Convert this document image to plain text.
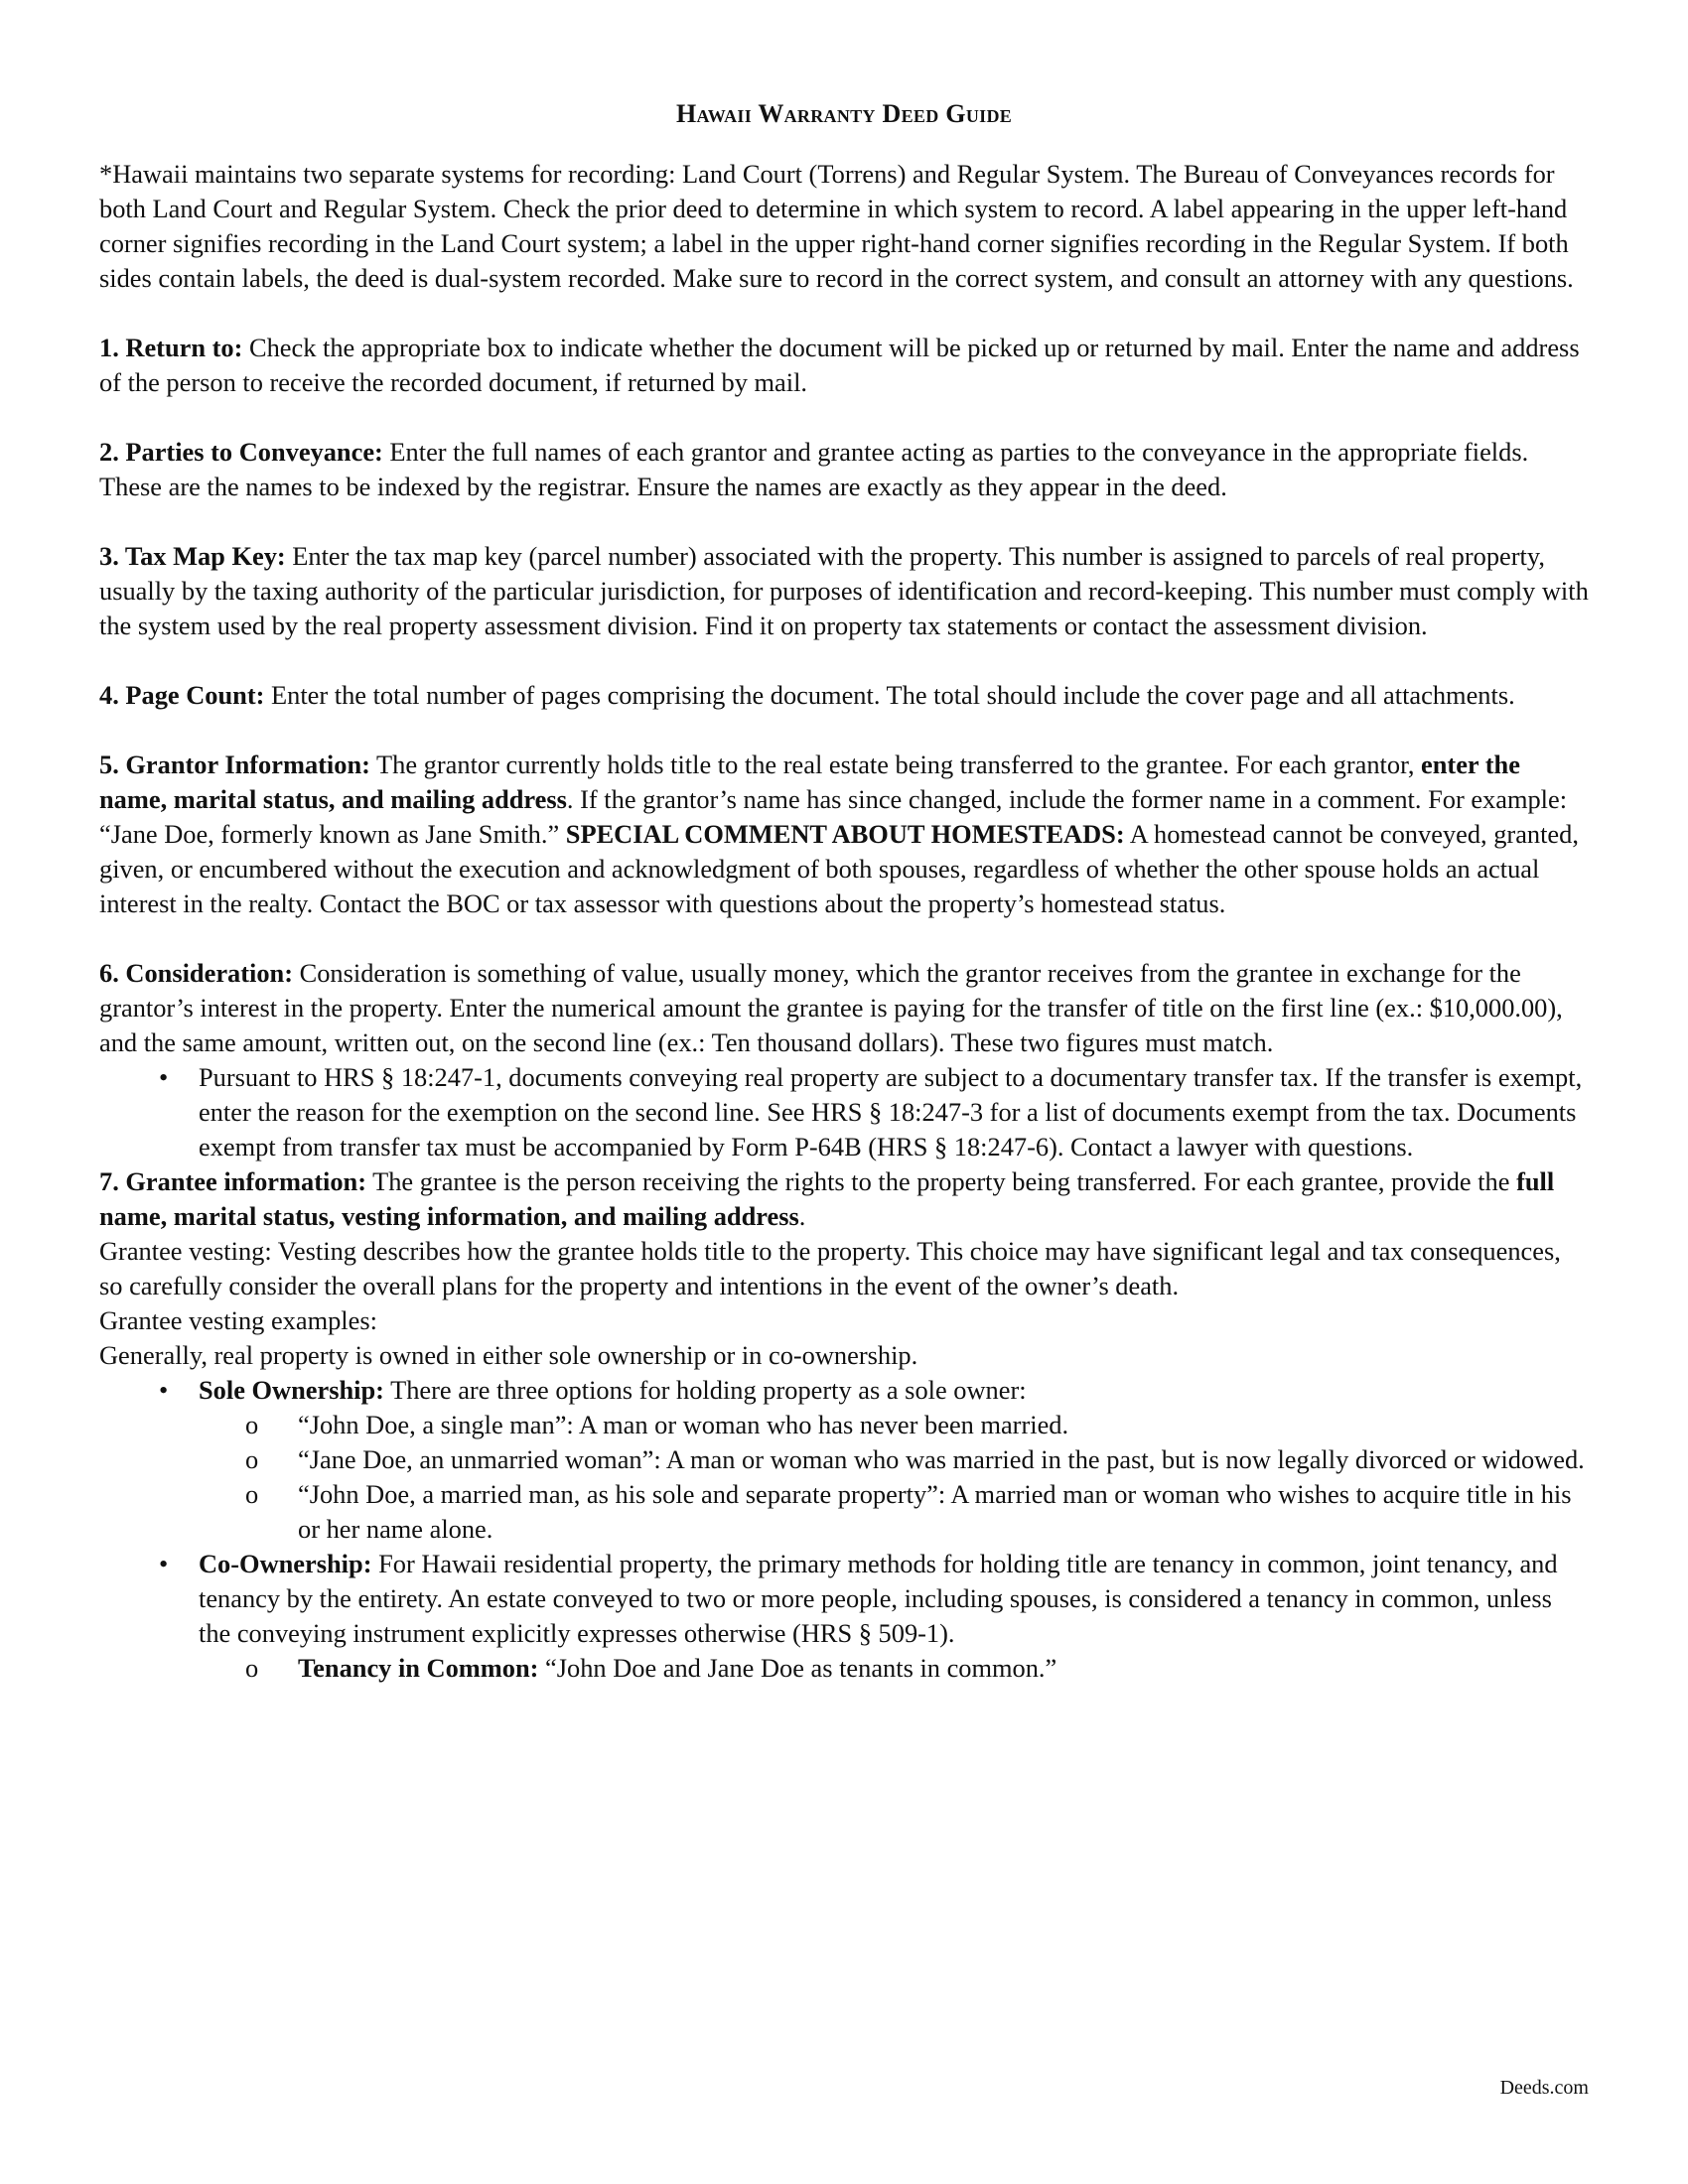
Hawaii Warranty Deed Guide

*Hawaii maintains two separate systems for recording: Land Court (Torrens) and Regular System. The Bureau of Conveyances records for both Land Court and Regular System. Check the prior deed to determine in which system to record. A label appearing in the upper left-hand corner signifies recording in the Land Court system; a label in the upper right-hand corner signifies recording in the Regular System. If both sides contain labels, the deed is dual-system recorded. Make sure to record in the correct system, and consult an attorney with any questions.

1. Return to: Check the appropriate box to indicate whether the document will be picked up or returned by mail. Enter the name and address of the person to receive the recorded document, if returned by mail.

2. Parties to Conveyance: Enter the full names of each grantor and grantee acting as parties to the conveyance in the appropriate fields. These are the names to be indexed by the registrar. Ensure the names are exactly as they appear in the deed.

3. Tax Map Key: Enter the tax map key (parcel number) associated with the property. This number is assigned to parcels of real property, usually by the taxing authority of the particular jurisdiction, for purposes of identification and record-keeping. This number must comply with the system used by the real property assessment division. Find it on property tax statements or contact the assessment division.

4. Page Count: Enter the total number of pages comprising the document. The total should include the cover page and all attachments.

5. Grantor Information: The grantor currently holds title to the real estate being transferred to the grantee. For each grantor, enter the name, marital status, and mailing address. If the grantor’s name has since changed, include the former name in a comment. For example: “Jane Doe, formerly known as Jane Smith.” SPECIAL COMMENT ABOUT HOMESTEADS: A homestead cannot be conveyed, granted, given, or encumbered without the execution and acknowledgment of both spouses, regardless of whether the other spouse holds an actual interest in the realty. Contact the BOC or tax assessor with questions about the property’s homestead status.

6. Consideration: Consideration is something of value, usually money, which the grantor receives from the grantee in exchange for the grantor’s interest in the property. Enter the numerical amount the grantee is paying for the transfer of title on the first line (ex.: $10,000.00), and the same amount, written out, on the second line (ex.: Ten thousand dollars). These two figures must match.

•	Pursuant to HRS § 18:247-1, documents conveying real property are subject to a documentary transfer tax. If the transfer is exempt, enter the reason for the exemption on the second line. See HRS § 18:247-3 for a list of documents exempt from the tax. Documents exempt from transfer tax must be accompanied by Form P-64B (HRS § 18:247-6). Contact a lawyer with questions.

7. Grantee information: The grantee is the person receiving the rights to the property being transferred. For each grantee, provide the full name, marital status, vesting information, and mailing address.

Grantee vesting: Vesting describes how the grantee holds title to the property. This choice may have significant legal and tax consequences, so carefully consider the overall plans for the property and intentions in the event of the owner’s death.

Grantee vesting examples:

Generally, real property is owned in either sole ownership or in co-ownership.

•	Sole Ownership: There are three options for holding property as a sole owner:
o “John Doe, a single man”: A man or woman who has never been married.
o “Jane Doe, an unmarried woman”: A man or woman who was married in the past, but is now legally divorced or widowed.
o “John Doe, a married man, as his sole and separate property”: A married man or woman who wishes to acquire title in his or her name alone.
•	Co-Ownership: For Hawaii residential property, the primary methods for holding title are tenancy in common, joint tenancy, and tenancy by the entirety. An estate conveyed to two or more people, including spouses, is considered a tenancy in common, unless the conveying instrument explicitly expresses otherwise (HRS § 509-1).
o Tenancy in Common: “John Doe and Jane Doe as tenants in common.”
Deeds.com
